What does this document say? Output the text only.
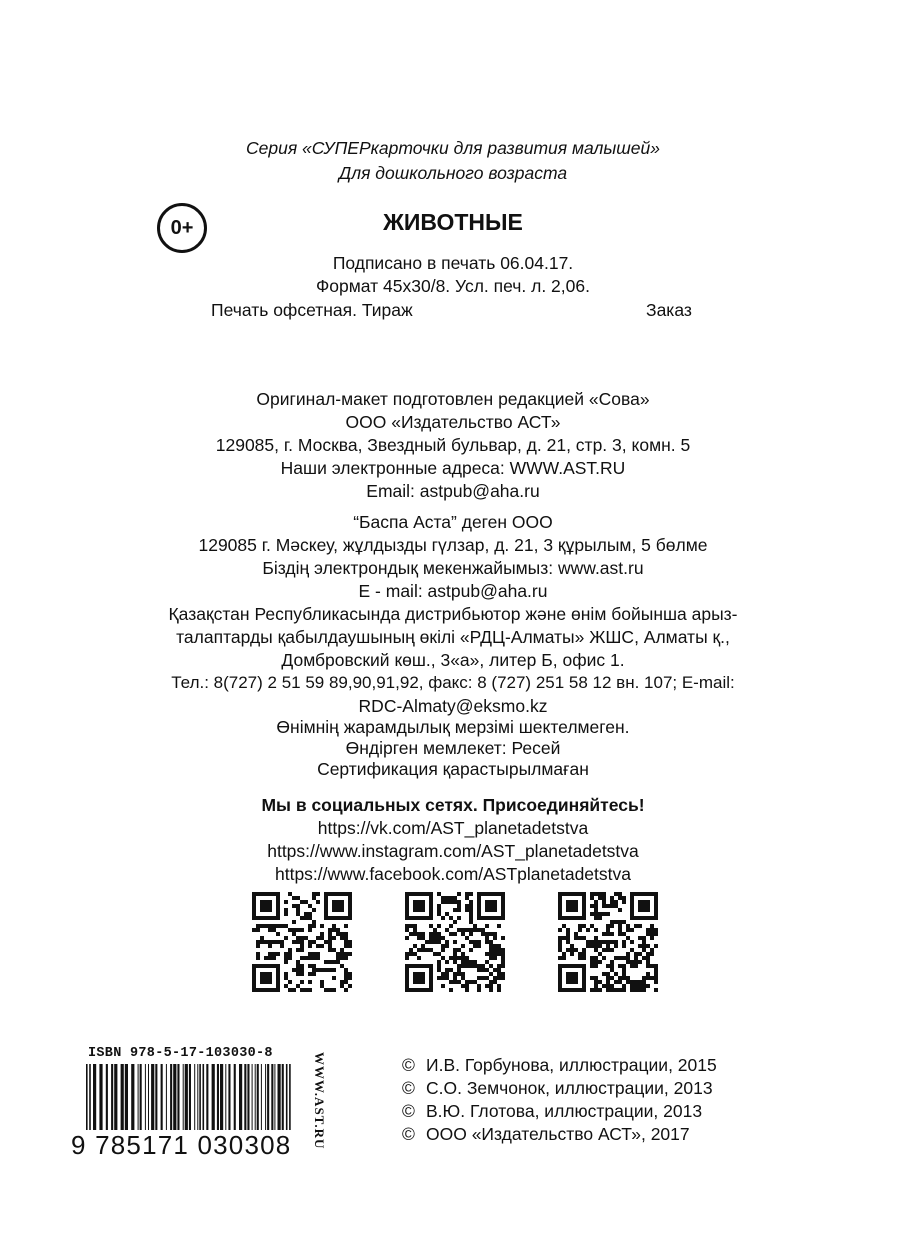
Серия «СУПЕРкарточки для развития малышей»
Для дошкольного возраста
0+	ЖИВОТНЫЕ
Подписано в печать 06.04.17.
Формат 45x30/8. Усл. печ. л. 2,06.
Печать офсетная. Тираж	Заказ
Оригинал-макет подготовлен редакцией «Сова»
ООО «Издательство АСТ»
129085, г. Москва, Звездный бульвар, д. 21, стр. 3, комн. 5
Наши электронные адреса: WWW.AST.RU
Email: astpub@aha.ru
“Баспа Аста” деген ООО
129085 г. Мәскеу, жұлдызды гүлзар, д. 21, 3 құрылым, 5 бөлме
Біздің электрондық мекенжайымыз: www.ast.ru
E - mail: astpub@aha.ru
Қазақстан Республикасында дистрибьютор және өнім бойынша арыз-
талаптарды қабылдаушының өкілі «РДЦ-Алматы» ЖШС, Алматы қ.,
Домбровский көш., 3«а», литер Б, офис 1.
Тел.: 8(727) 2 51 59 89,90,91,92, факс: 8 (727) 251 58 12 вн. 107; E-mail:
RDC-Almaty@eksmo.kz
Өнімнің жарамдылық мерзімі шектелмеген.
Өндірген мемлекет: Ресей
Сертификация қарастырылмаған
Мы в социальных сетях. Присоединяйтесь!
https://vk.com/AST_planetadetstva
https://www.instagram.com/AST_planetadetstva
https://www.facebook.com/ASTplanetadetstva
ISBN 978-5-17-103030-8
9 785171 030308 WWW.AST.RU	© И.В. Горбунова, иллюстрации, 2015
© С.О. Земчонок, иллюстрации, 2013
© В.Ю. Глотова, иллюстрации, 2013
© ООО «Издательство АСТ», 2017
